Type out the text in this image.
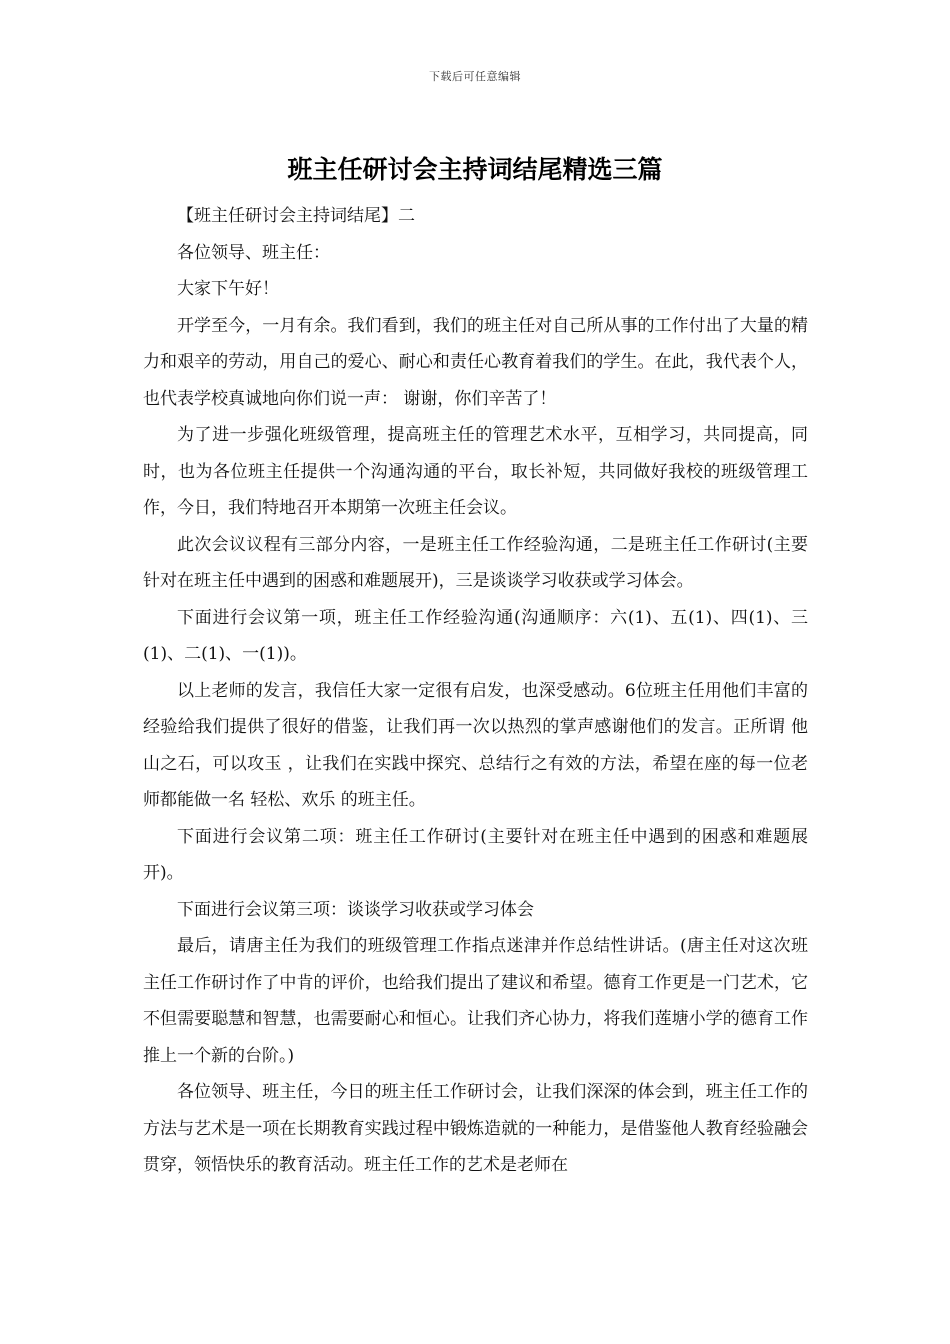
下载后可任意编辑
班主任研讨会主持词结尾精选三篇

【班主任研讨会主持词结尾】二

各位领导、班主任：

大家下午好！

开学至今，一月有余。我们看到，我们的班主任对自己所从事的工作付出了大量的精力和艰辛的劳动，用自己的爱心、耐心和责任心教育着我们的学生。在此，我代表个人，也代表学校真诚地向你们说一声： 谢谢，你们辛苦了！

为了进一步强化班级管理，提高班主任的管理艺术水平，互相学习，共同提高，同时，也为各位班主任提供一个沟通沟通的平台，取长补短，共同做好我校的班级管理工作，今日，我们特地召开本期第一次班主任会议。

此次会议议程有三部分内容，一是班主任工作经验沟通，二是班主任工作研讨(主要针对在班主任中遇到的困惑和难题展开)，三是谈谈学习收获或学习体会。

下面进行会议第一项，班主任工作经验沟通(沟通顺序：六(1)、五(1)、四(1)、三(1)、二(1)、一(1))。

以上老师的发言，我信任大家一定很有启发，也深受感动。6位班主任用他们丰富的经验给我们提供了很好的借鉴，让我们再一次以热烈的掌声感谢他们的发言。正所谓 他山之石，可以攻玉 ，让我们在实践中探究、总结行之有效的方法，希望在座的每一位老师都能做一名 轻松、欢乐 的班主任。

下面进行会议第二项：班主任工作研讨(主要针对在班主任中遇到的困惑和难题展开)。

下面进行会议第三项：谈谈学习收获或学习体会

最后，请唐主任为我们的班级管理工作指点迷津并作总结性讲话。(唐主任对这次班主任工作研讨作了中肯的评价，也给我们提出了建议和希望。德育工作更是一门艺术，它不但需要聪慧和智慧，也需要耐心和恒心。让我们齐心协力，将我们莲塘小学的德育工作推上一个新的台阶。)

各位领导、班主任，今日的班主任工作研讨会，让我们深深的体会到，班主任工作的方法与艺术是一项在长期教育实践过程中锻炼造就的一种能力，是借鉴他人教育经验融会贯穿，领悟快乐的教育活动。班主任工作的艺术是老师在
